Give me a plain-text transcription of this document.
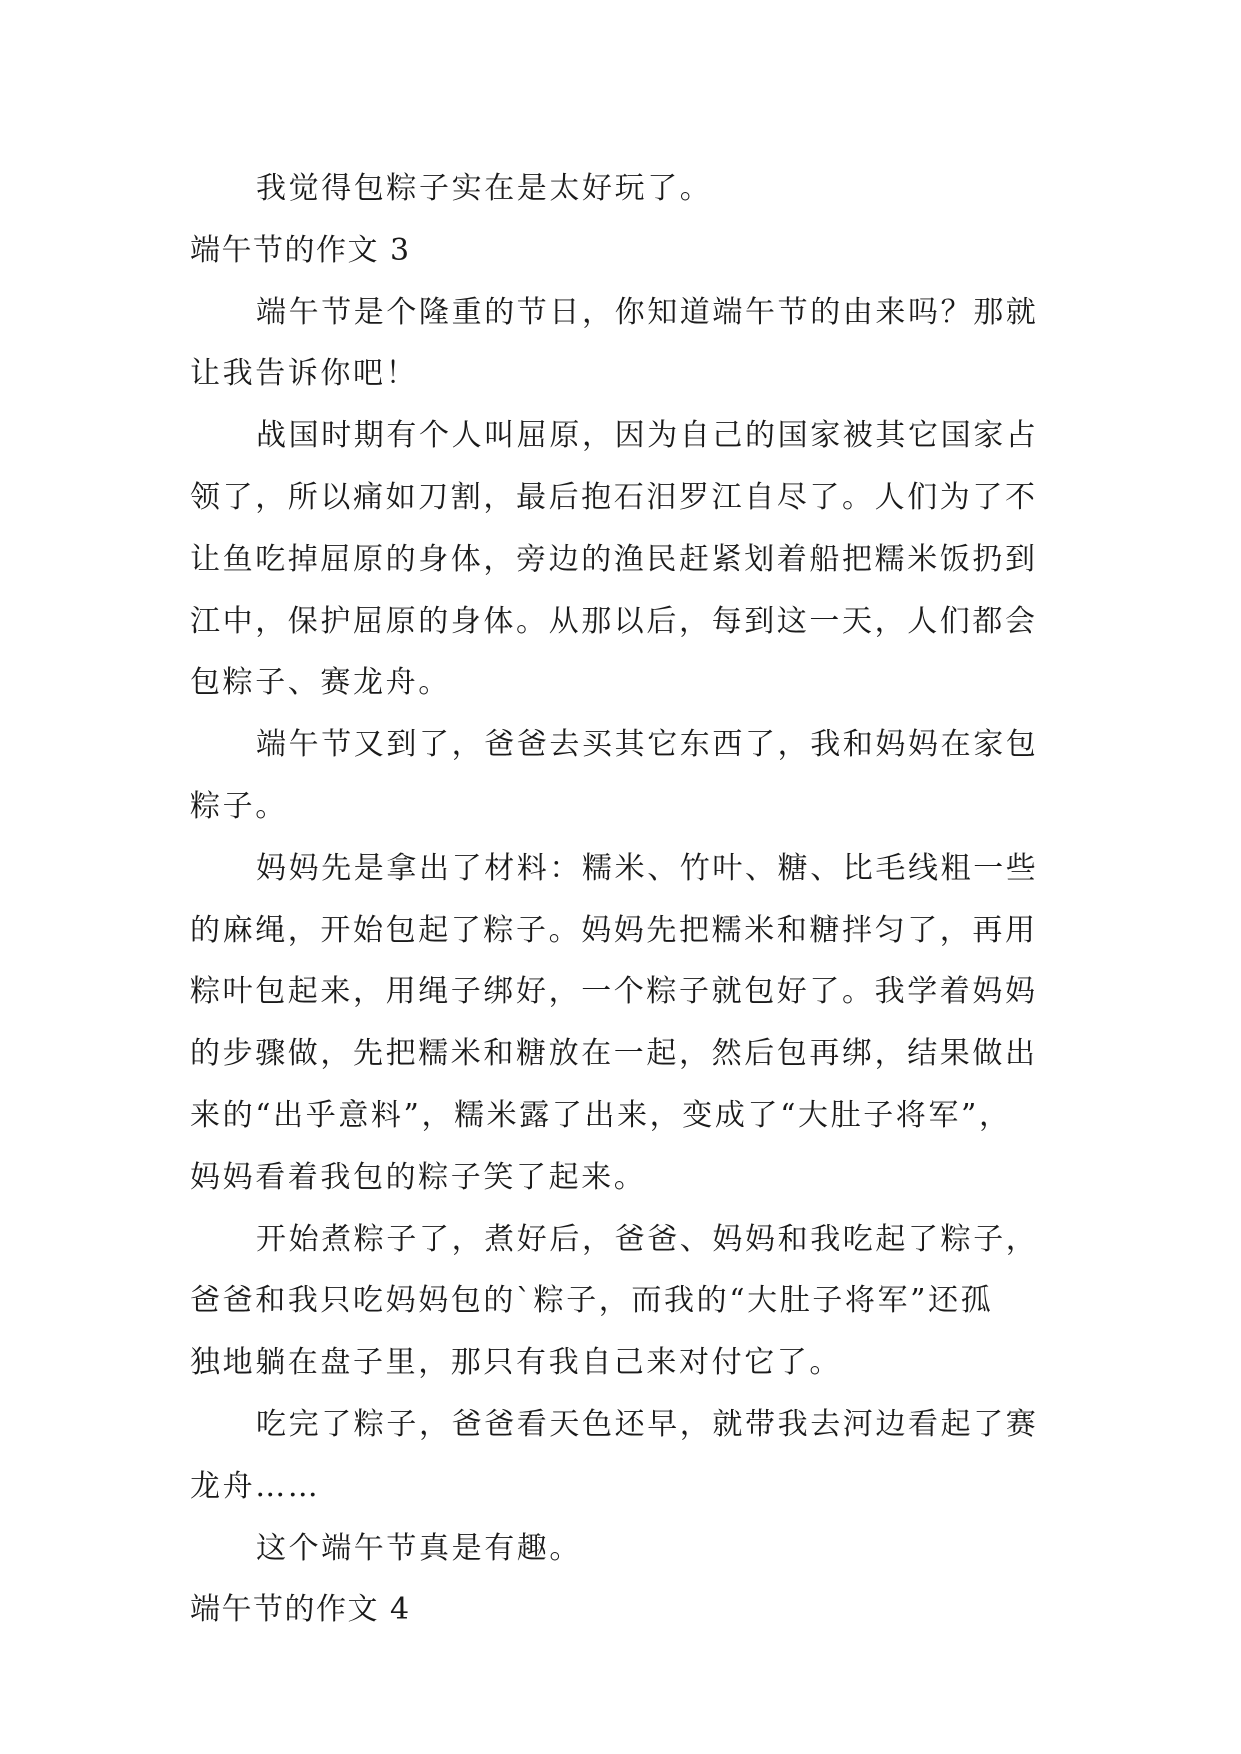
我觉得包粽子实在是太好玩了。
端午节的作文 3
端午节是个隆重的节日，你知道端午节的由来吗？那就
让我告诉你吧！
战国时期有个人叫屈原，因为自己的国家被其它国家占
领了，所以痛如刀割，最后抱石汨罗江自尽了。人们为了不
让鱼吃掉屈原的身体，旁边的渔民赶紧划着船把糯米饭扔到
江中，保护屈原的身体。从那以后，每到这一天，人们都会
包粽子、赛龙舟。
端午节又到了，爸爸去买其它东西了，我和妈妈在家包
粽子。
妈妈先是拿出了材料：糯米、竹叶、糖、比毛线粗一些
的麻绳，开始包起了粽子。妈妈先把糯米和糖拌匀了，再用
粽叶包起来，用绳子绑好，一个粽子就包好了。我学着妈妈
的步骤做，先把糯米和糖放在一起，然后包再绑，结果做出
来的“出乎意料”，糯米露了出来，变成了“大肚子将军”，
妈妈看着我包的粽子笑了起来。
开始煮粽子了，煮好后，爸爸、妈妈和我吃起了粽子，
爸爸和我只吃妈妈包的`粽子，而我的“大肚子将军”还孤
独地躺在盘子里，那只有我自己来对付它了。
吃完了粽子，爸爸看天色还早，就带我去河边看起了赛
龙舟……
这个端午节真是有趣。
端午节的作文 4
